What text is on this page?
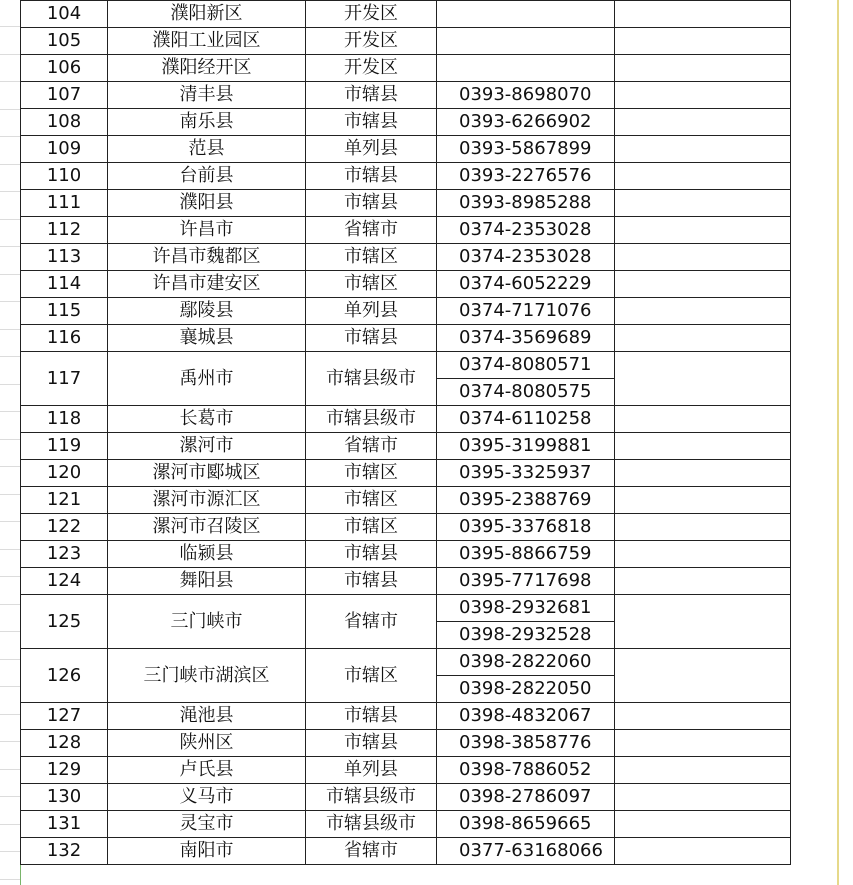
104	濮阳新区	开发区		
105	濮阳工业园区	开发区		
106	濮阳经开区	开发区		
107	清丰县	市辖县	0393-8698070	
108	南乐县	市辖县	0393-6266902	
109	范县	单列县	0393-5867899	
110	台前县	市辖县	0393-2276576	
111	濮阳县	市辖县	0393-8985288	
112	许昌市	省辖市	0374-2353028	
113	许昌市魏都区	市辖区	0374-2353028	
114	许昌市建安区	市辖区	0374-6052229	
115	鄢陵县	单列县	0374-7171076	
116	襄城县	市辖县	0374-3569689	
117	禹州市	市辖县级市	0374-8080571	
			0374-8080575	
118	长葛市	市辖县级市	0374-6110258	
119	漯河市	省辖市	0395-3199881	
120	漯河市郾城区	市辖区	0395-3325937	
121	漯河市源汇区	市辖区	0395-2388769	
122	漯河市召陵区	市辖区	0395-3376818	
123	临颍县	市辖县	0395-8866759	
124	舞阳县	市辖县	0395-7717698	
125	三门峡市	省辖市	0398-2932681	
			0398-2932528	
126	三门峡市湖滨区	市辖区	0398-2822060	
			0398-2822050	
127	渑池县	市辖县	0398-4832067	
128	陕州区	市辖县	0398-3858776	
129	卢氏县	单列县	0398-7886052	
130	义马市	市辖县级市	0398-2786097	
131	灵宝市	市辖县级市	0398-8659665	
132	南阳市	省辖市	0377-63168066	
